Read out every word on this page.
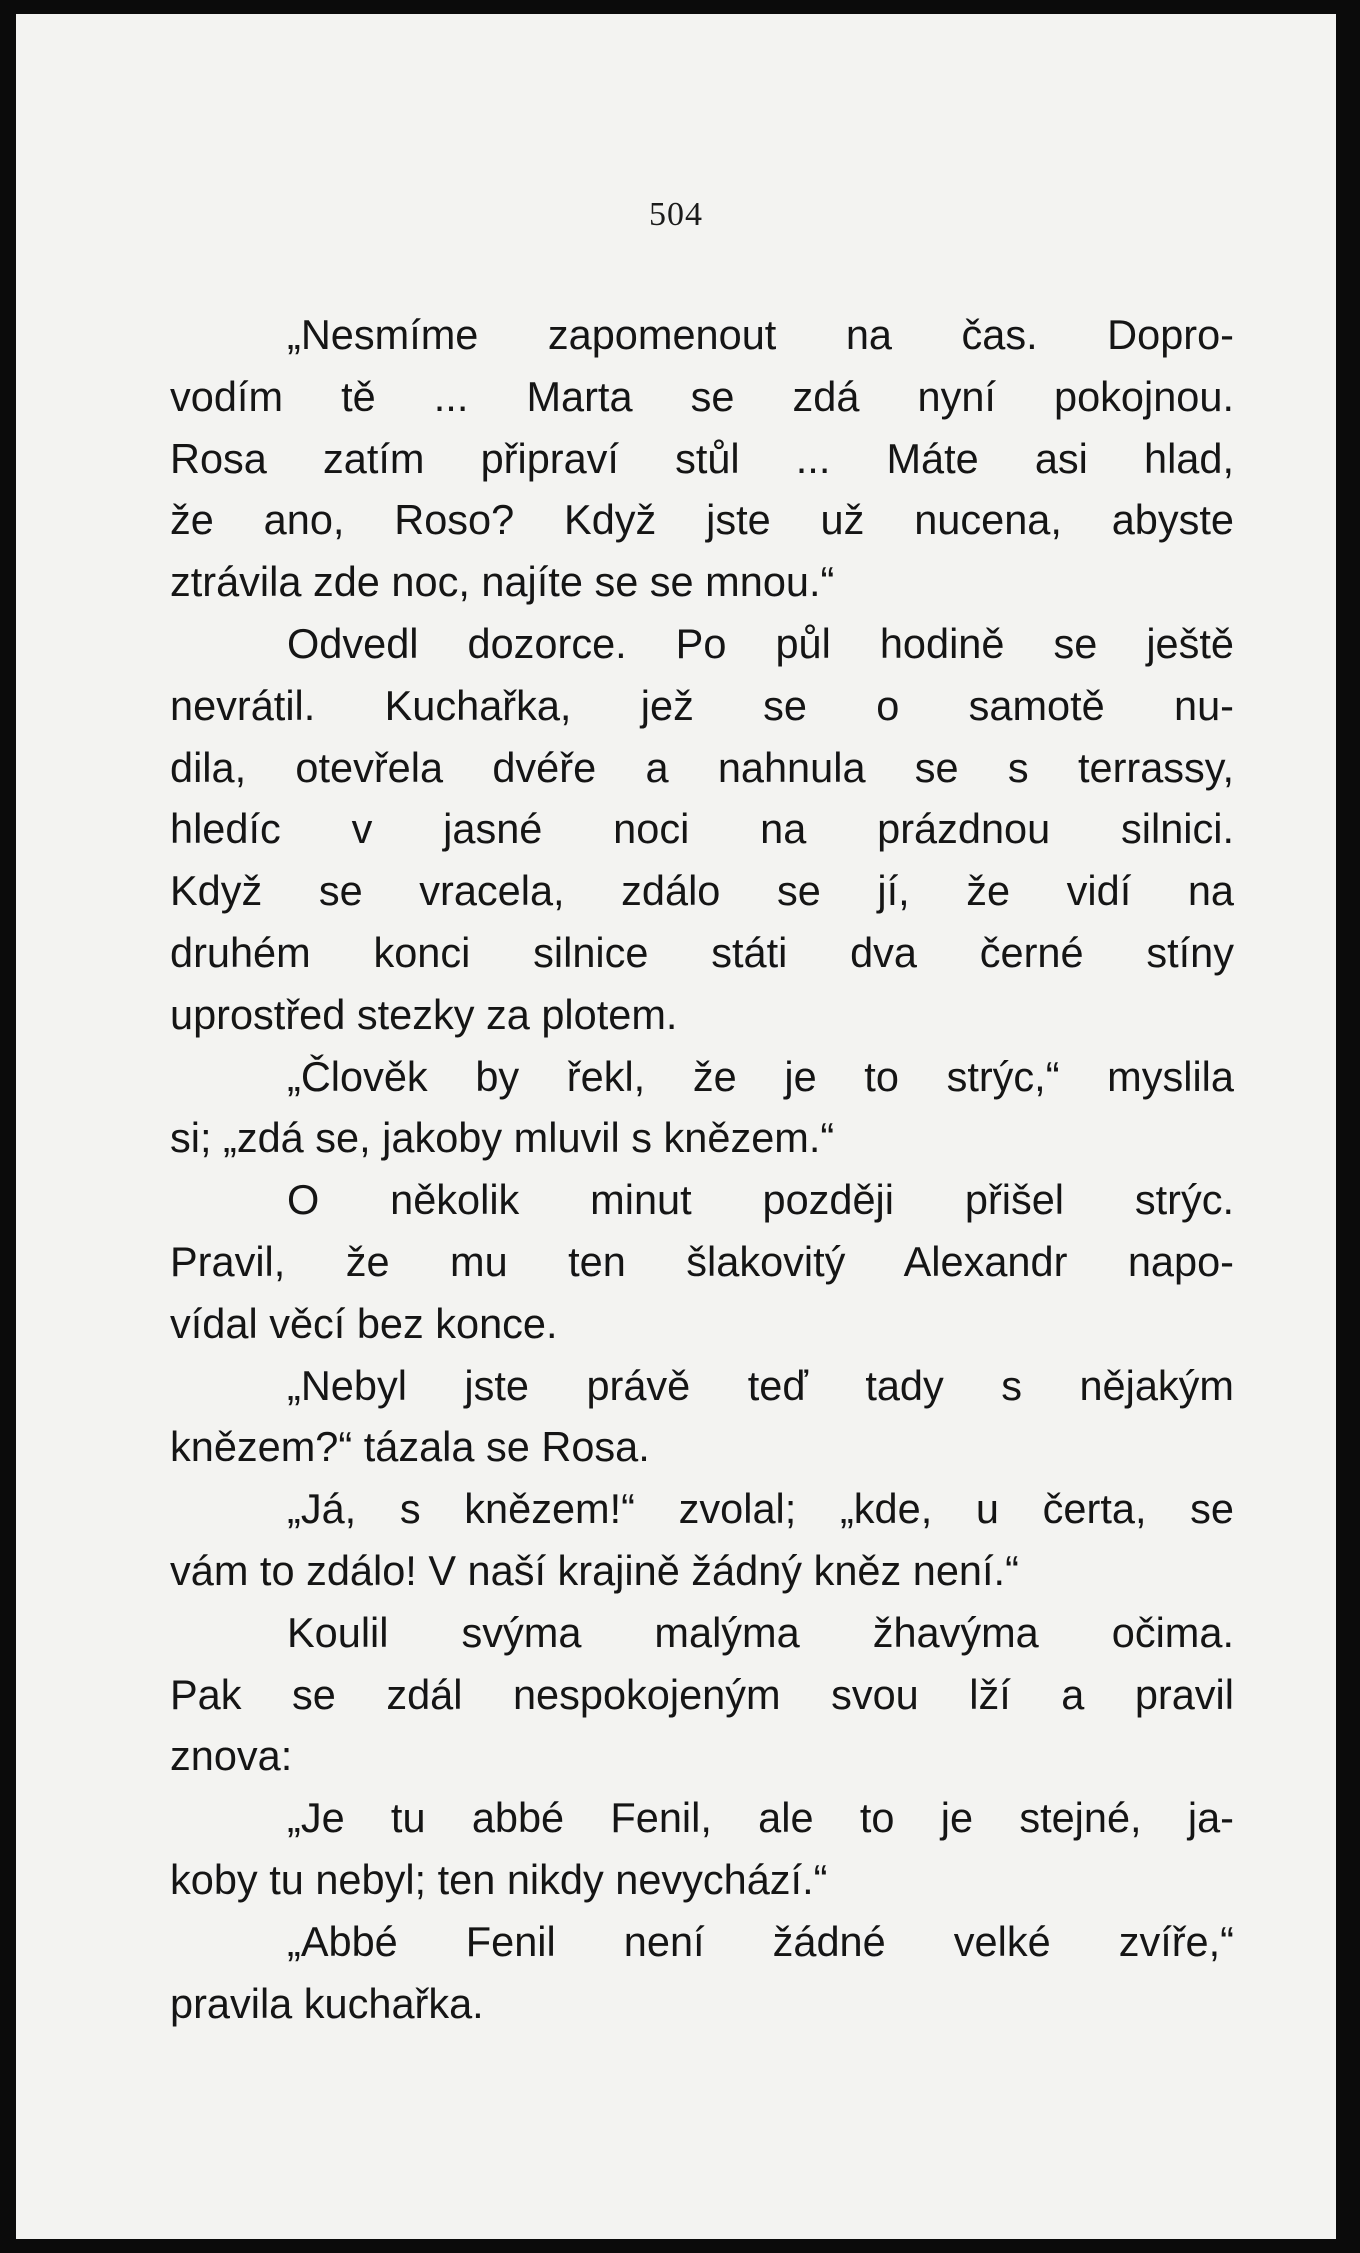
504
„Nesmíme zapomenout na čas. Dopro-
vodím tě ... Marta se zdá nyní pokojnou.
Rosa zatím připraví stůl ... Máte asi hlad,
že ano, Roso? Když jste už nucena, abyste
ztrávila zde noc, najíte se se mnou.“
Odvedl dozorce. Po půl hodině se ještě
nevrátil. Kuchařka, jež se o samotě nu-
dila, otevřela dvéře a nahnula se s terrassy,
hledíc v jasné noci na prázdnou silnici.
Když se vracela, zdálo se jí, že vidí na
druhém konci silnice státi dva černé stíny
uprostřed stezky za plotem.
„Člověk by řekl, že je to strýc,“ myslila
si; „zdá se, jakoby mluvil s knězem.“
O několik minut později přišel strýc.
Pravil, že mu ten šlakovitý Alexandr napo-
vídal věcí bez konce.
„Nebyl jste právě teď tady s nějakým
knězem?“ tázala se Rosa.
„Já, s knězem!“ zvolal; „kde, u čerta, se
vám to zdálo! V naší krajině žádný kněz není.“
Koulil svýma malýma žhavýma očima.
Pak se zdál nespokojeným svou lží a pravil
znova:
„Je tu abbé Fenil, ale to je stejné, ja-
koby tu nebyl; ten nikdy nevychází.“
„Abbé Fenil není žádné velké zvíře,“
pravila kuchařka.
